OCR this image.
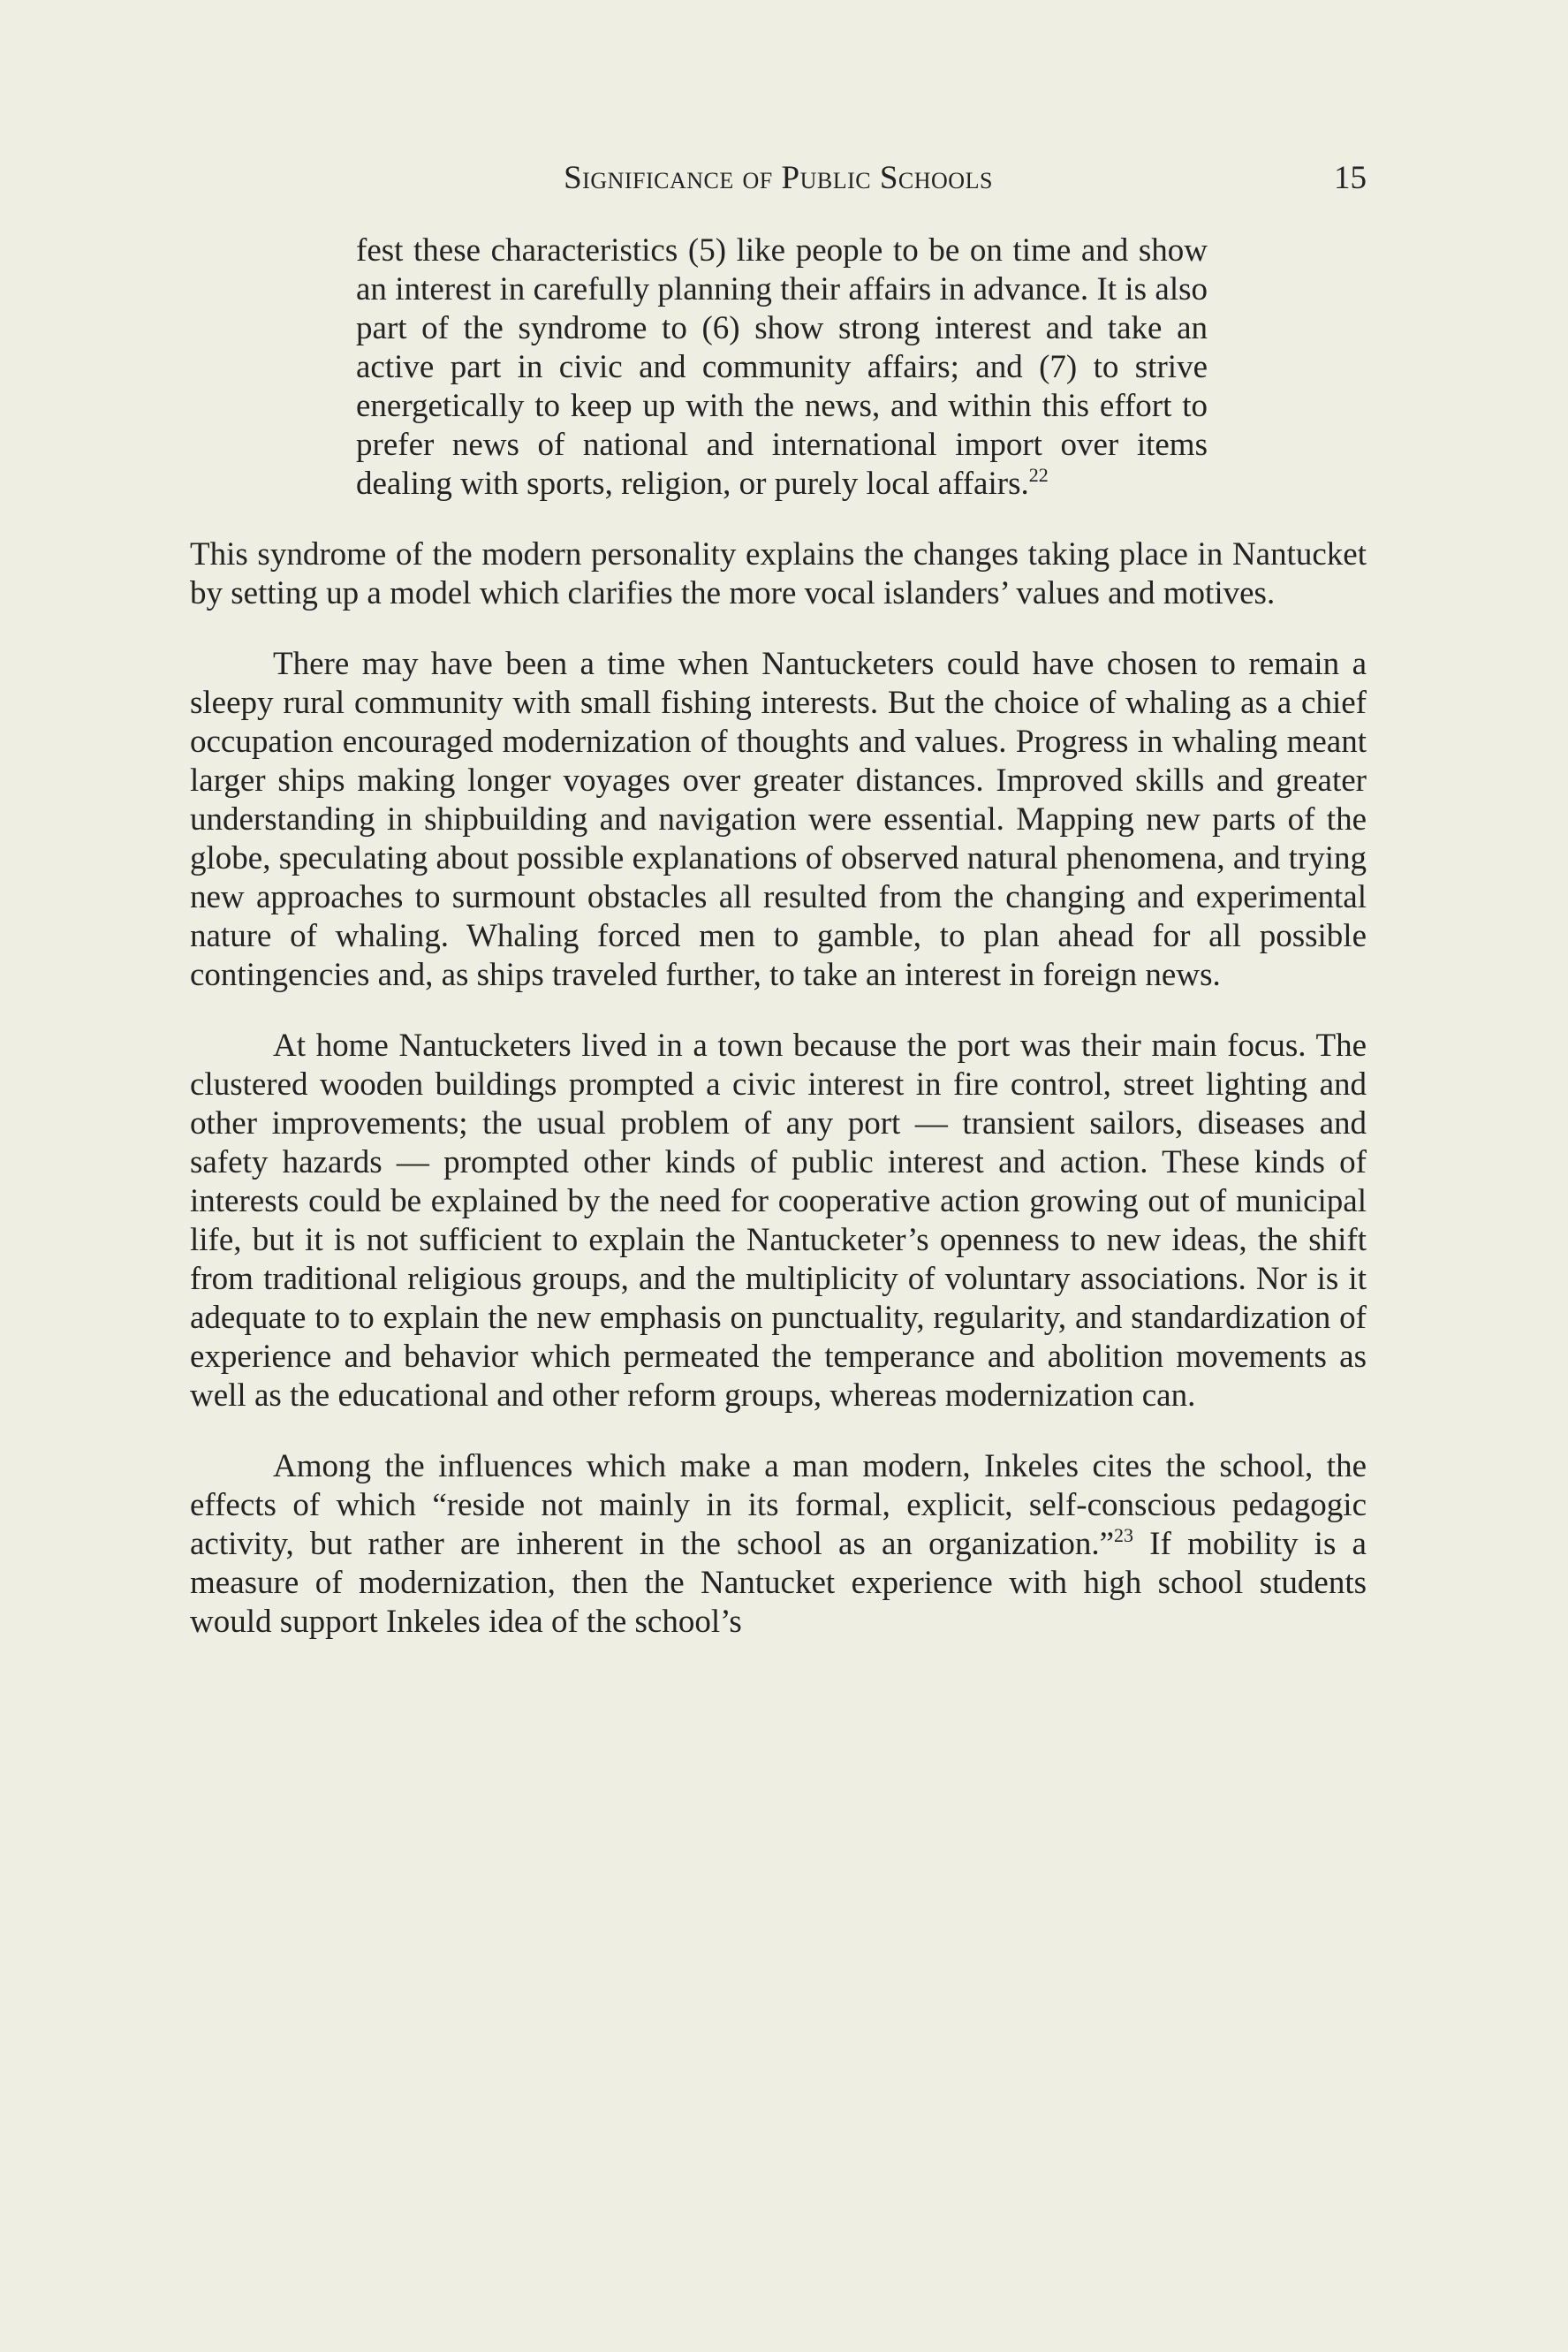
Significance of Public Schools	15
fest these characteristics (5) like people to be on time and show an interest in carefully planning their affairs in advance. It is also part of the syndrome to (6) show strong interest and take an active part in civic and community affairs; and (7) to strive energetically to keep up with the news, and within this effort to prefer news of national and international import over items dealing with sports, religion, or purely local affairs.$^{22}$

This syndrome of the modern personality explains the changes taking place in Nantucket by setting up a model which clarifies the more vocal islanders’ values and motives.

There may have been a time when Nantucketers could have chosen to remain a sleepy rural community with small fishing interests. But the choice of whaling as a chief occupation encouraged modernization of thoughts and values. Progress in whaling meant larger ships making longer voyages over greater distances. Improved skills and greater understanding in shipbuilding and navigation were essential. Mapping new parts of the globe, speculating about possible explanations of observed natural phenomena, and trying new approaches to surmount obstacles all resulted from the changing and experimental nature of whaling. Whaling forced men to gamble, to plan ahead for all possible contingencies and, as ships traveled further, to take an interest in foreign news.

At home Nantucketers lived in a town because the port was their main focus. The clustered wooden buildings prompted a civic interest in fire control, street lighting and other improvements; the usual problem of any port — transient sailors, diseases and safety hazards — prompted other kinds of public interest and action. These kinds of interests could be explained by the need for cooperative action growing out of municipal life, but it is not sufficient to explain the Nantucketer’s openness to new ideas, the shift from traditional religious groups, and the multiplicity of voluntary associations. Nor is it adequate to to explain the new emphasis on punctuality, regularity, and standardization of experience and behavior which permeated the temperance and abolition movements as well as the educational and other reform groups, whereas modernization can.

Among the influences which make a man modern, Inkeles cites the school, the effects of which “reside not mainly in its formal, explicit, self-conscious pedagogic activity, but rather are inherent in the school as an organization.”$^{23}$ If mobility is a measure of modernization, then the Nantucket experience with high school students would support Inkeles idea of the school’s
